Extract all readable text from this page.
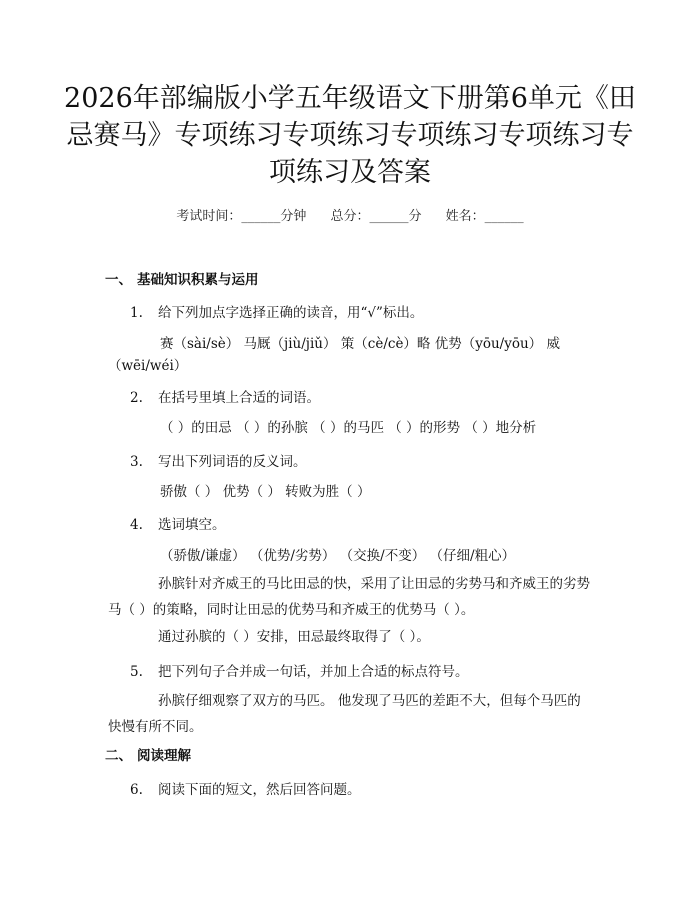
2026年部编版小学五年级语文下册第6单元《田忌赛马》专项练习专项练习专项练习专项练习专项练习及答案
考试时间：______分钟 总分：______分 姓名：______
一、 基础知识积累与运用
1. 给下列加点字选择正确的读音，用“√”标出。
赛（sài/sè） 马厩（jiù/jiǔ） 策（cè/cè）略 优势（yōu/yōu） 威
（wēi/wéi）
2. 在括号里填上合适的词语。
（ ）的田忌 （ ）的孙膑 （ ）的马匹 （ ）的形势 （ ）地分析
3. 写出下列词语的反义词。
骄傲（ ） 优势（ ） 转败为胜（ ）
4. 选词填空。
（骄傲/谦虚） （优势/劣势） （交换/不变） （仔细/粗心）
孙膑针对齐威王的马比田忌的快，采用了让田忌的劣势马和齐威王的劣势马（ ）的策略，同时让田忌的优势马和齐威王的优势马（ ）。
通过孙膑的（ ）安排，田忌最终取得了（ ）。
5. 把下列句子合并成一句话，并加上合适的标点符号。
孙膑仔细观察了双方的马匹。 他发现了马匹的差距不大，但每个马匹的快慢有所不同。
二、 阅读理解
6. 阅读下面的短文，然后回答问题。
